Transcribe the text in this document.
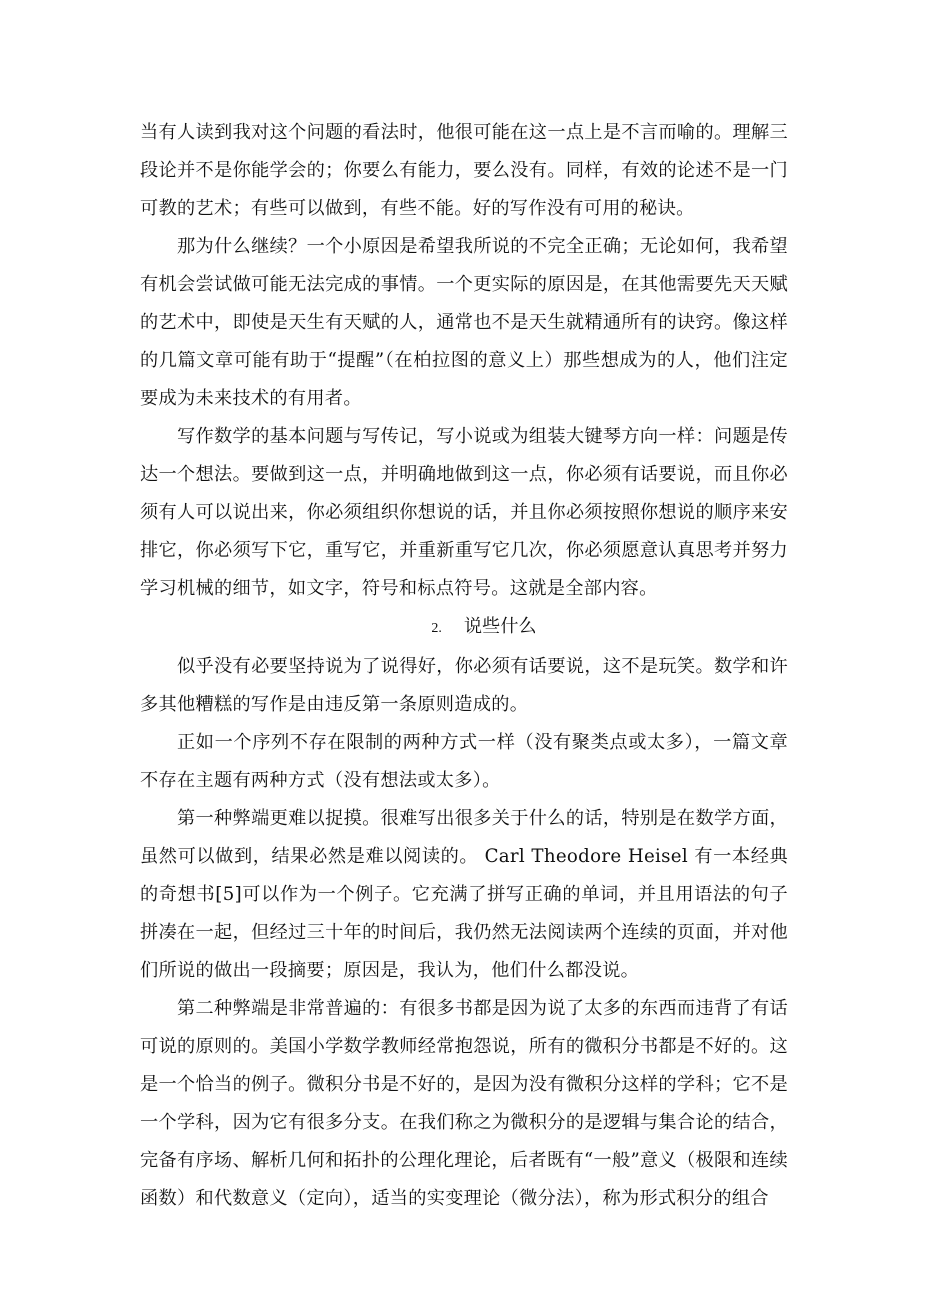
当有人读到我对这个问题的看法时，他很可能在这一点上是不言而喻的。理解三段论并不是你能学会的；你要么有能力，要么没有。同样，有效的论述不是一门可教的艺术；有些可以做到，有些不能。好的写作没有可用的秘诀。

那为什么继续？一个小原因是希望我所说的不完全正确；无论如何，我希望有机会尝试做可能无法完成的事情。一个更实际的原因是，在其他需要先天天赋的艺术中，即使是天生有天赋的人，通常也不是天生就精通所有的诀窍。像这样的几篇文章可能有助于“提醒”（在柏拉图的意义上）那些想成为的人，他们注定要成为未来技术的有用者。

写作数学的基本问题与写传记，写小说或为组装大键琴方向一样：问题是传达一个想法。要做到这一点，并明确地做到这一点，你必须有话要说，而且你必须有人可以说出来，你必须组织你想说的话，并且你必须按照你想说的顺序来安排它，你必须写下它，重写它，并重新重写它几次，你必须愿意认真思考并努力学习机械的细节，如文字，符号和标点符号。这就是全部内容。

2. 说些什么

似乎没有必要坚持说为了说得好，你必须有话要说，这不是玩笑。数学和许多其他糟糕的写作是由违反第一条原则造成的。

正如一个序列不存在限制的两种方式一样（没有聚类点或太多），一篇文章不存在主题有两种方式（没有想法或太多）。

第一种弊端更难以捉摸。很难写出很多关于什么的话，特别是在数学方面，虽然可以做到，结果必然是难以阅读的。 Carl Theodore Heisel 有一本经典的奇想书[5]可以作为一个例子。它充满了拼写正确的单词，并且用语法的句子拼凑在一起，但经过三十年的时间后，我仍然无法阅读两个连续的页面，并对他们所说的做出一段摘要；原因是，我认为，他们什么都没说。

第二种弊端是非常普遍的：有很多书都是因为说了太多的东西而违背了有话可说的原则的。美国小学数学教师经常抱怨说，所有的微积分书都是不好的。这是一个恰当的例子。微积分书是不好的，是因为没有微积分这样的学科；它不是一个学科，因为它有很多分支。在我们称之为微积分的是逻辑与集合论的结合，完备有序场、解析几何和拓扑的公理化理论，后者既有“一般”意义（极限和连续函数）和代数意义（定向），适当的实变理论（微分法），称为形式积分的组合
